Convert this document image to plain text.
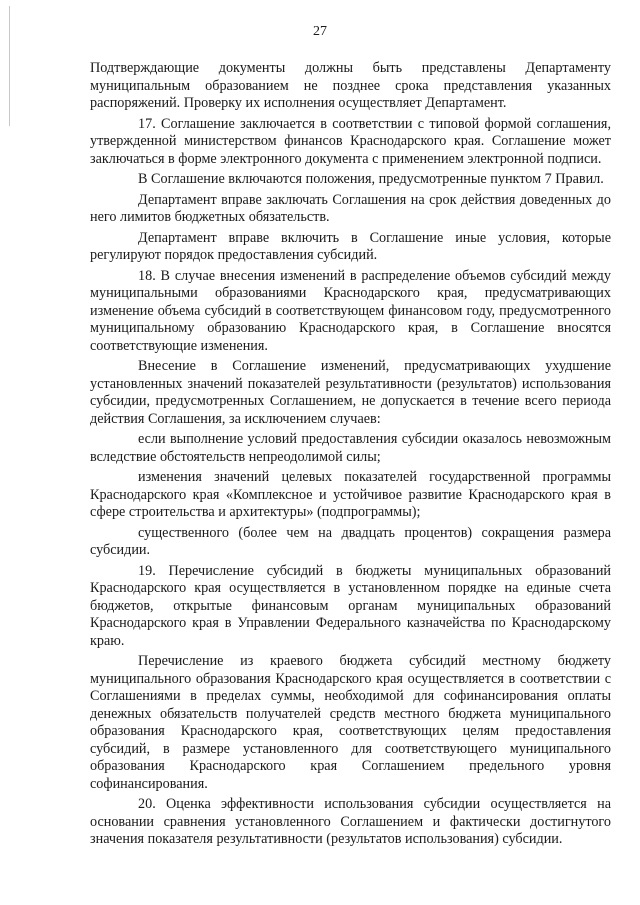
27

Подтверждающие документы должны быть представлены Департаменту муниципальным образованием не позднее срока представления указанных распоряжений. Проверку их исполнения осуществляет Департамент.

17. Соглашение заключается в соответствии с типовой формой соглашения, утвержденной министерством финансов Краснодарского края. Соглашение может заключаться в форме электронного документа с применением электронной подписи.

В Соглашение включаются положения, предусмотренные пунктом 7 Правил.

Департамент вправе заключать Соглашения на срок действия доведенных до него лимитов бюджетных обязательств.

Департамент вправе включить в Соглашение иные условия, которые регулируют порядок предоставления субсидий.

18. В случае внесения изменений в распределение объемов субсидий между муниципальными образованиями Краснодарского края, предусматривающих изменение объема субсидий в соответствующем финансовом году, предусмотренного муниципальному образованию Краснодарского края, в Соглашение вносятся соответствующие изменения.

Внесение в Соглашение изменений, предусматривающих ухудшение установленных значений показателей результативности (результатов) использования субсидии, предусмотренных Соглашением, не допускается в течение всего периода действия Соглашения, за исключением случаев:

если выполнение условий предоставления субсидии оказалось невозможным вследствие обстоятельств непреодолимой силы;

изменения значений целевых показателей государственной программы Краснодарского края «Комплексное и устойчивое развитие Краснодарского края в сфере строительства и архитектуры» (подпрограммы);

существенного (более чем на двадцать процентов) сокращения размера субсидии.

19. Перечисление субсидий в бюджеты муниципальных образований Краснодарского края осуществляется в установленном порядке на единые счета бюджетов, открытые финансовым органам муниципальных образований Краснодарского края в Управлении Федерального казначейства по Краснодарскому краю.

Перечисление из краевого бюджета субсидий местному бюджету муниципального образования Краснодарского края осуществляется в соответствии с Соглашениями в пределах суммы, необходимой для софинансирования оплаты денежных обязательств получателей средств местного бюджета муниципального образования Краснодарского края, соответствующих целям предоставления субсидий, в размере установленного для соответствующего муниципального образования Краснодарского края Соглашением предельного уровня софинансирования.

20. Оценка эффективности использования субсидии осуществляется на основании сравнения установленного Соглашением и фактически достигнутого значения показателя результативности (результатов использования) субсидии.
